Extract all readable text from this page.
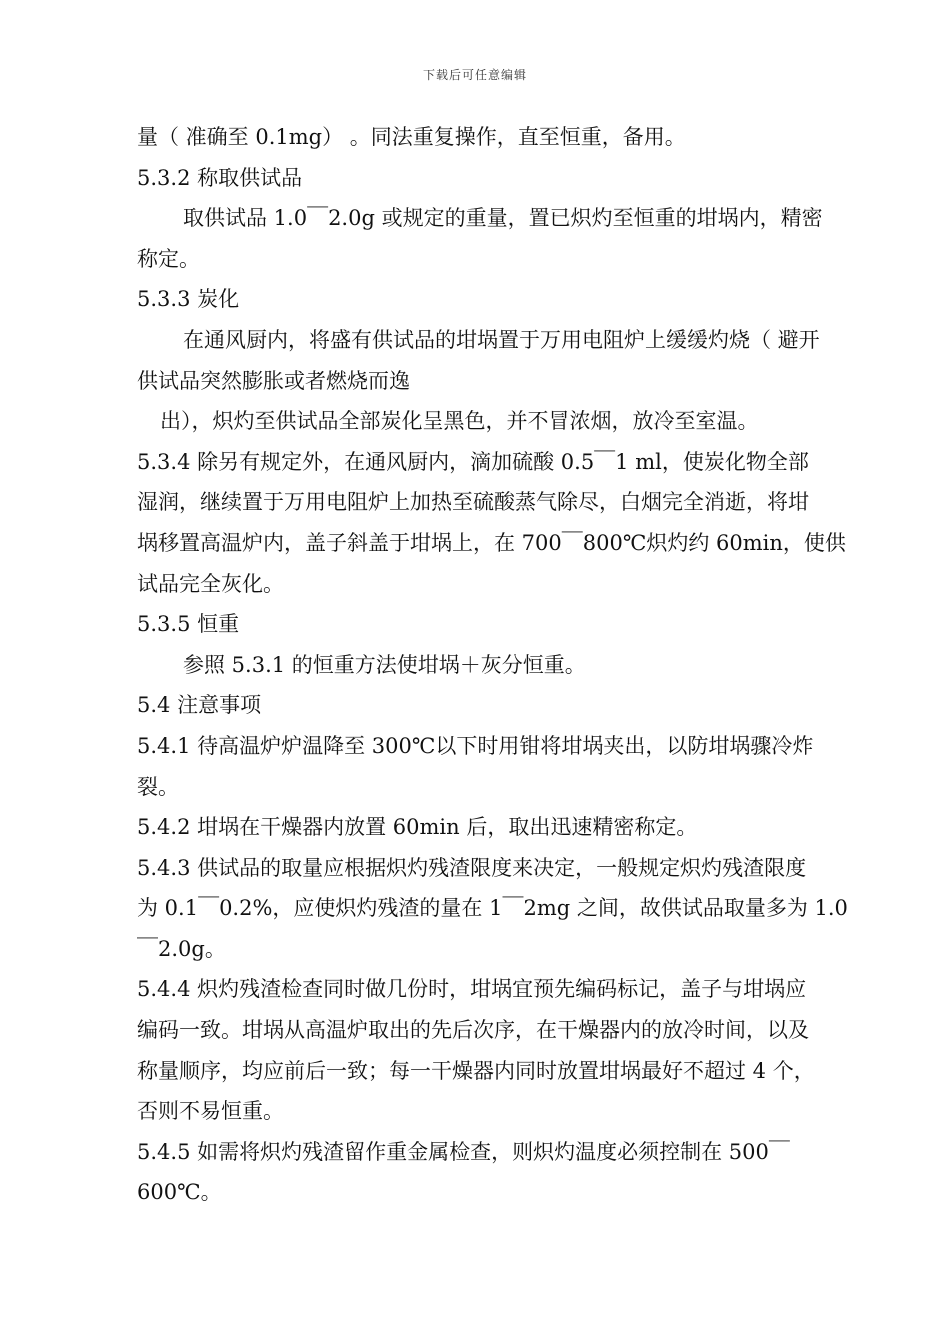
下载后可任意编辑
量（ 准确至 0.1mg） 。同法重复操作，直至恒重，备用。
5.3.2 称取供试品
取供试品 1.0￣2.0g 或规定的重量，置已炽灼至恒重的坩埚内，精密
称定。
5.3.3 炭化
在通风厨内，将盛有供试品的坩埚置于万用电阻炉上缓缓灼烧（ 避开
供试品突然膨胀或者燃烧而逸
出），炽灼至供试品全部炭化呈黑色，并不冒浓烟，放冷至室温。
5.3.4 除另有规定外，在通风厨内，滴加硫酸 0.5￣1 ml，使炭化物全部
湿润，继续置于万用电阻炉上加热至硫酸蒸气除尽，白烟完全消逝，将坩
埚移置高温炉内，盖子斜盖于坩埚上，在 700￣800℃炽灼约 60min，使供
试品完全灰化。
5.3.5 恒重
参照 5.3.1 的恒重方法使坩埚＋灰分恒重。
5.4 注意事项
5.4.1 待高温炉炉温降至 300℃以下时用钳将坩埚夹出，以防坩埚骤冷炸
裂。
5.4.2 坩埚在干燥器内放置 60min 后，取出迅速精密称定。
5.4.3 供试品的取量应根据炽灼残渣限度来决定，一般规定炽灼残渣限度
为 0.1￣0.2%，应使炽灼残渣的量在 1￣2mg 之间，故供试品取量多为 1.0
￣2.0g。
5.4.4 炽灼残渣检查同时做几份时，坩埚宜预先编码标记，盖子与坩埚应
编码一致。坩埚从高温炉取出的先后次序，在干燥器内的放冷时间，以及
称量顺序，均应前后一致；每一干燥器内同时放置坩埚最好不超过 4 个，
否则不易恒重。
5.4.5 如需将炽灼残渣留作重金属检查，则炽灼温度必须控制在 500￣
600℃。
